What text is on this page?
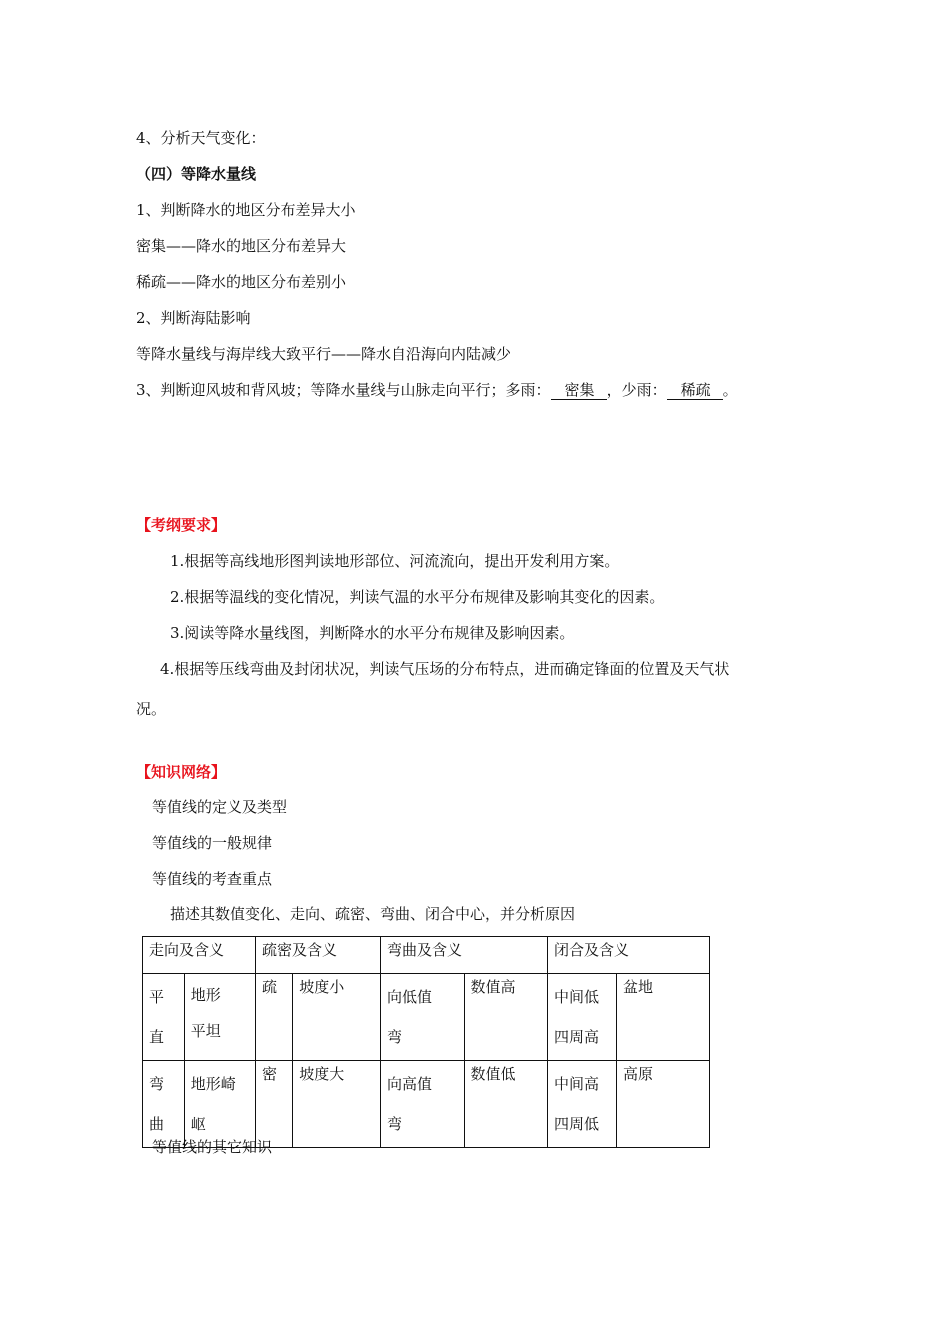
4、分析天气变化：
（四）等降水量线
1、判断降水的地区分布差异大小
密集——降水的地区分布差异大
稀疏——降水的地区分布差别小
2、判断海陆影响
等降水量线与海岸线大致平行——降水自沿海向内陆减少
3、判断迎风坡和背风坡；等降水量线与山脉走向平行；多雨： 密集 ，少雨： 稀疏 。
【考纲要求】
1.根据等高线地形图判读地形部位、河流流向，提出开发利用方案。
2.根据等温线的变化情况，判读气温的水平分布规律及影响其变化的因素。
3.阅读等降水量线图，判断降水的水平分布规律及影响因素。
4.根据等压线弯曲及封闭状况，判读气压场的分布特点，进而确定锋面的位置及天气状
况。
【知识网络】
等值线的定义及类型
等值线的一般规律
等值线的考查重点
描述其数值变化、走向、疏密、弯曲、闭合中心，并分析原因
走向及含义		疏密及含义		弯曲及含义		闭合及含义	

平直	地形平坦	疏	坡度小	向低值弯	数值高	中间低四周高	盆地

弯曲	地形崎岖	密	坡度大	向高值弯	数值低	中间高四周低	高原
等值线的其它知识
